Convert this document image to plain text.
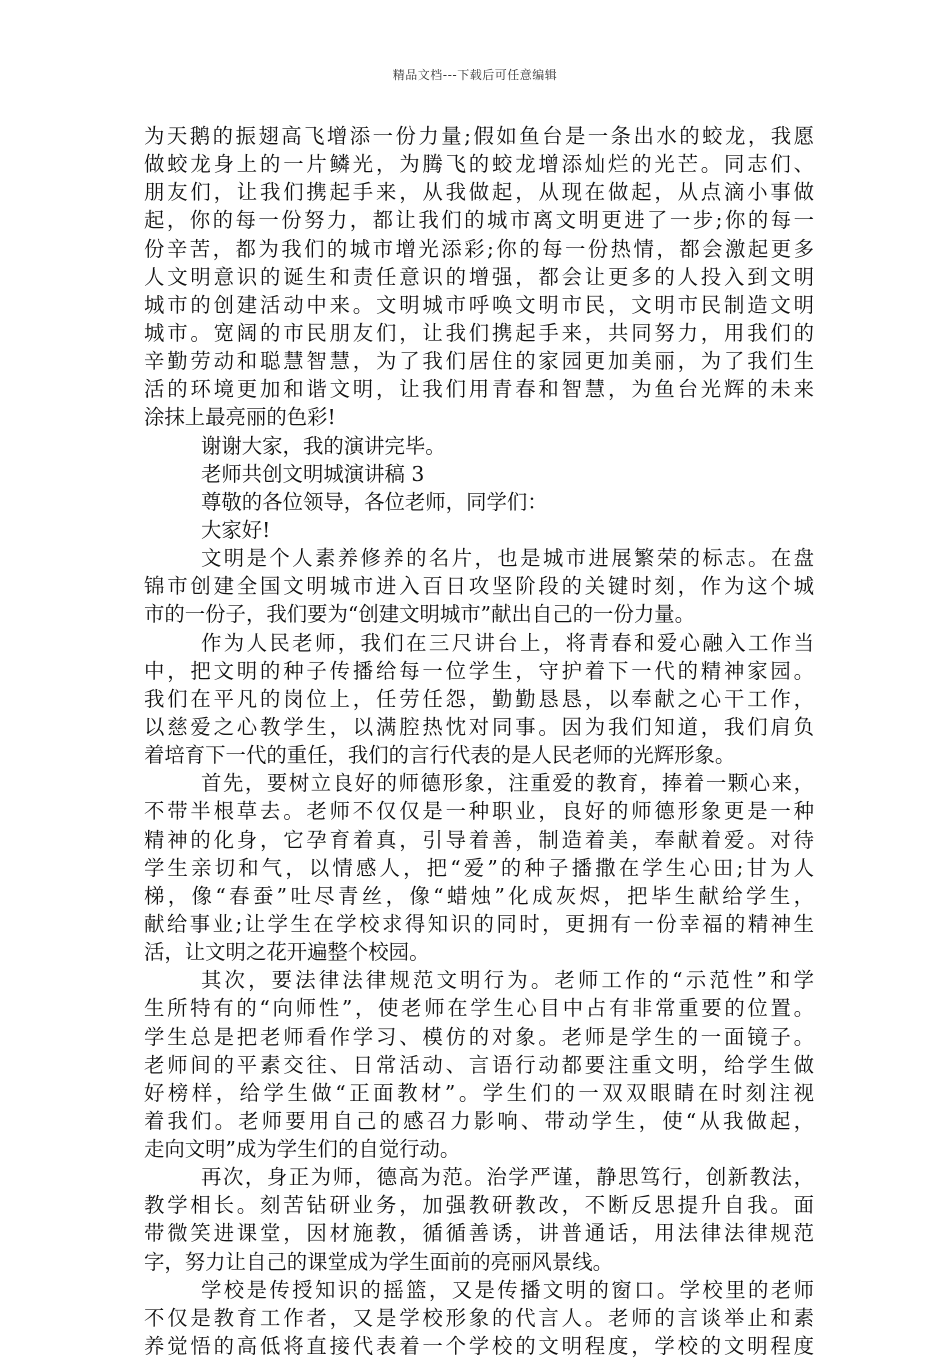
精品文档---下载后可任意编辑
为天鹅的振翅高飞增添一份力量;假如鱼台是一条出水的蛟龙，我愿
做蛟龙身上的一片鳞光，为腾飞的蛟龙增添灿烂的光芒。同志们、
朋友们，让我们携起手来，从我做起，从现在做起，从点滴小事做
起，你的每一份努力，都让我们的城市离文明更进了一步;你的每一
份辛苦，都为我们的城市增光添彩;你的每一份热情，都会激起更多
人文明意识的诞生和责任意识的增强，都会让更多的人投入到文明
城市的创建活动中来。文明城市呼唤文明市民，文明市民制造文明
城市。宽阔的市民朋友们，让我们携起手来，共同努力，用我们的
辛勤劳动和聪慧智慧，为了我们居住的家园更加美丽，为了我们生
活的环境更加和谐文明，让我们用青春和智慧，为鱼台光辉的未来
涂抹上最亮丽的色彩!
谢谢大家，我的演讲完毕。
老师共创文明城演讲稿 3
尊敬的各位领导，各位老师，同学们：
大家好!
文明是个人素养修养的名片，也是城市进展繁荣的标志。在盘
锦市创建全国文明城市进入百日攻坚阶段的关键时刻，作为这个城
市的一份子，我们要为“创建文明城市”献出自己的一份力量。
作为人民老师，我们在三尺讲台上，将青春和爱心融入工作当
中，把文明的种子传播给每一位学生，守护着下一代的精神家园。
我们在平凡的岗位上，任劳任怨，勤勤恳恳，以奉献之心干工作，
以慈爱之心教学生，以满腔热忱对同事。因为我们知道，我们肩负
着培育下一代的重任，我们的言行代表的是人民老师的光辉形象。
首先，要树立良好的师德形象，注重爱的教育，捧着一颗心来，
不带半根草去。老师不仅仅是一种职业，良好的师德形象更是一种
精神的化身，它孕育着真，引导着善，制造着美，奉献着爱。对待
学生亲切和气，以情感人，把“爱”的种子播撒在学生心田;甘为人
梯，像“春蚕”吐尽青丝，像“蜡烛”化成灰烬，把毕生献给学生，
献给事业;让学生在学校求得知识的同时，更拥有一份幸福的精神生
活，让文明之花开遍整个校园。
其次，要法律法律规范文明行为。老师工作的“示范性”和学
生所特有的“向师性”，使老师在学生心目中占有非常重要的位置。
学生总是把老师看作学习、模仿的对象。老师是学生的一面镜子。
老师间的平素交往、日常活动、言语行动都要注重文明，给学生做
好榜样，给学生做“正面教材”。学生们的一双双眼睛在时刻注视
着我们。老师要用自己的感召力影响、带动学生，使“从我做起，
走向文明”成为学生们的自觉行动。
再次，身正为师，德高为范。治学严谨，静思笃行，创新教法，
教学相长。刻苦钻研业务，加强教研教改，不断反思提升自我。面
带微笑进课堂，因材施教，循循善诱，讲普通话，用法律法律规范
字，努力让自己的课堂成为学生面前的亮丽风景线。
学校是传授知识的摇篮，又是传播文明的窗口。学校里的老师
不仅是教育工作者，又是学校形象的代言人。老师的言谈举止和素
养觉悟的高低将直接代表着一个学校的文明程度，学校的文明程度
